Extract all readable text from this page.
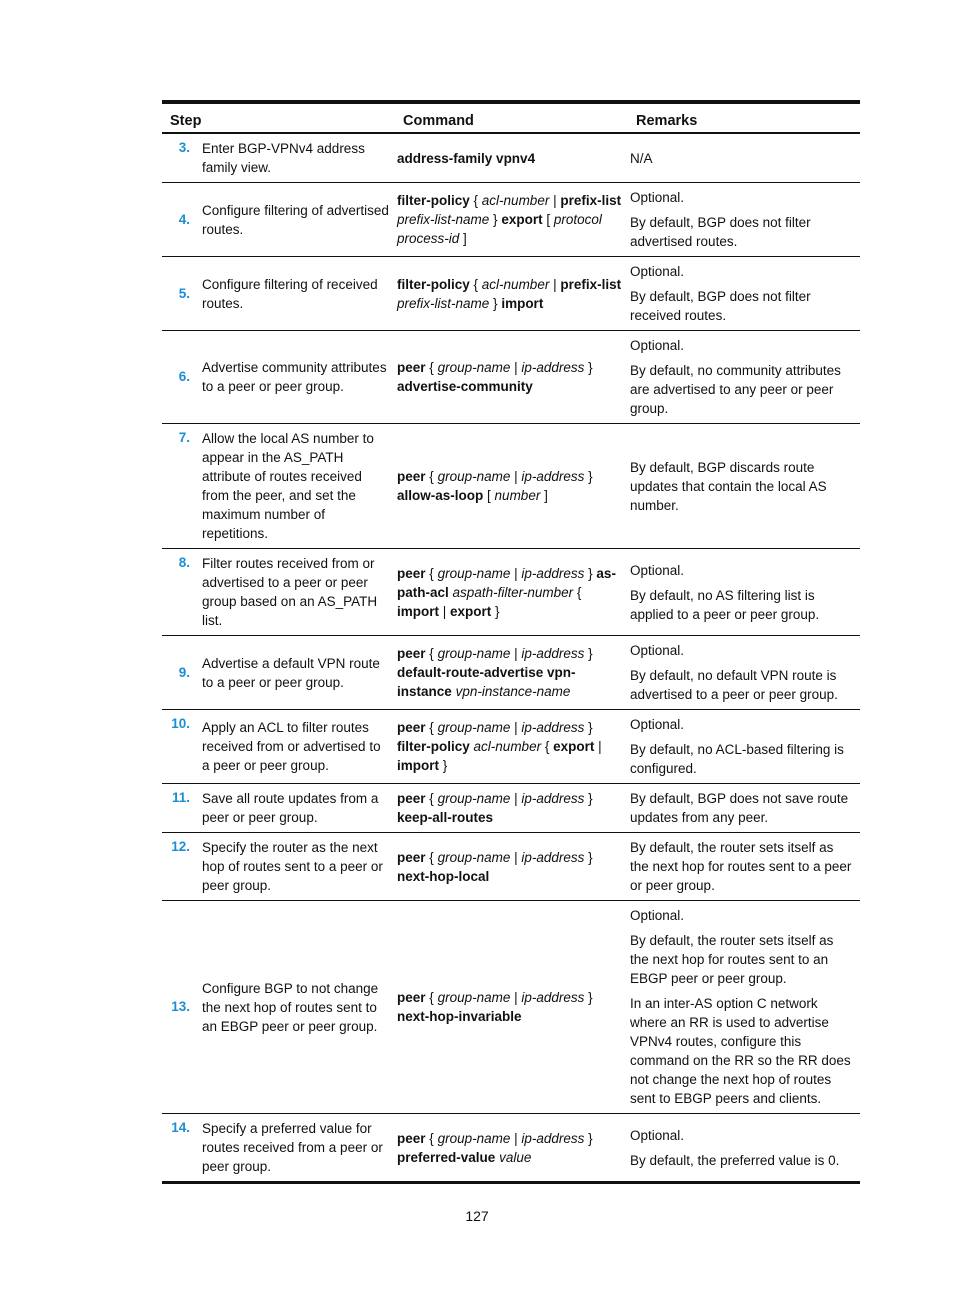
Step		Command	Remarks
3.	Enter BGP-VPNv4 address family view.	address-family vpnv4	N/A

4.	Configure filtering of advertised routes.	filter-policy { acl-number | prefix-list prefix-list-name } export [ protocol process-id ]	Optional.

By default, BGP does not filter advertised routes.

5.	Configure filtering of received routes.	filter-policy { acl-number | prefix-list prefix-list-name } import	Optional.

By default, BGP does not filter received routes.

6.	Advertise community attributes to a peer or peer group.	peer { group-name | ip-address } advertise-community	Optional.

By default, no community attributes are advertised to any peer or peer group.

7.	Allow the local AS number to appear in the AS_PATH attribute of routes received from the peer, and set the maximum number of repetitions.	peer { group-name | ip-address } allow-as-loop [ number ]	By default, BGP discards route updates that contain the local AS number.

8.	Filter routes received from or advertised to a peer or peer group based on an AS_PATH list.	peer { group-name | ip-address } as-path-acl aspath-filter-number { import | export }	Optional.

By default, no AS filtering list is applied to a peer or peer group.

9.	Advertise a default VPN route to a peer or peer group.	peer { group-name | ip-address } default-route-advertise vpn-instance vpn-instance-name	Optional.

By default, no default VPN route is advertised to a peer or peer group.

10.	Apply an ACL to filter routes received from or advertised to a peer or peer group.	peer { group-name | ip-address } filter-policy acl-number { export | import }	Optional.

By default, no ACL-based filtering is configured.

11.	Save all route updates from a peer or peer group.	peer { group-name | ip-address } keep-all-routes	By default, BGP does not save route updates from any peer.

12.	Specify the router as the next hop of routes sent to a peer or peer group.	peer { group-name | ip-address } next-hop-local	By default, the router sets itself as the next hop for routes sent to a peer or peer group.

13.	Configure BGP to not change the next hop of routes sent to an EBGP peer or peer group.	peer { group-name | ip-address } next-hop-invariable	Optional.

By default, the router sets itself as the next hop for routes sent to an EBGP peer or peer group.

In an inter-AS option C network where an RR is used to advertise VPNv4 routes, configure this command on the RR so the RR does not change the next hop of routes sent to EBGP peers and clients.

14.	Specify a preferred value for routes received from a peer or peer group.	peer { group-name | ip-address } preferred-value value	Optional.

By default, the preferred value is 0.

127
